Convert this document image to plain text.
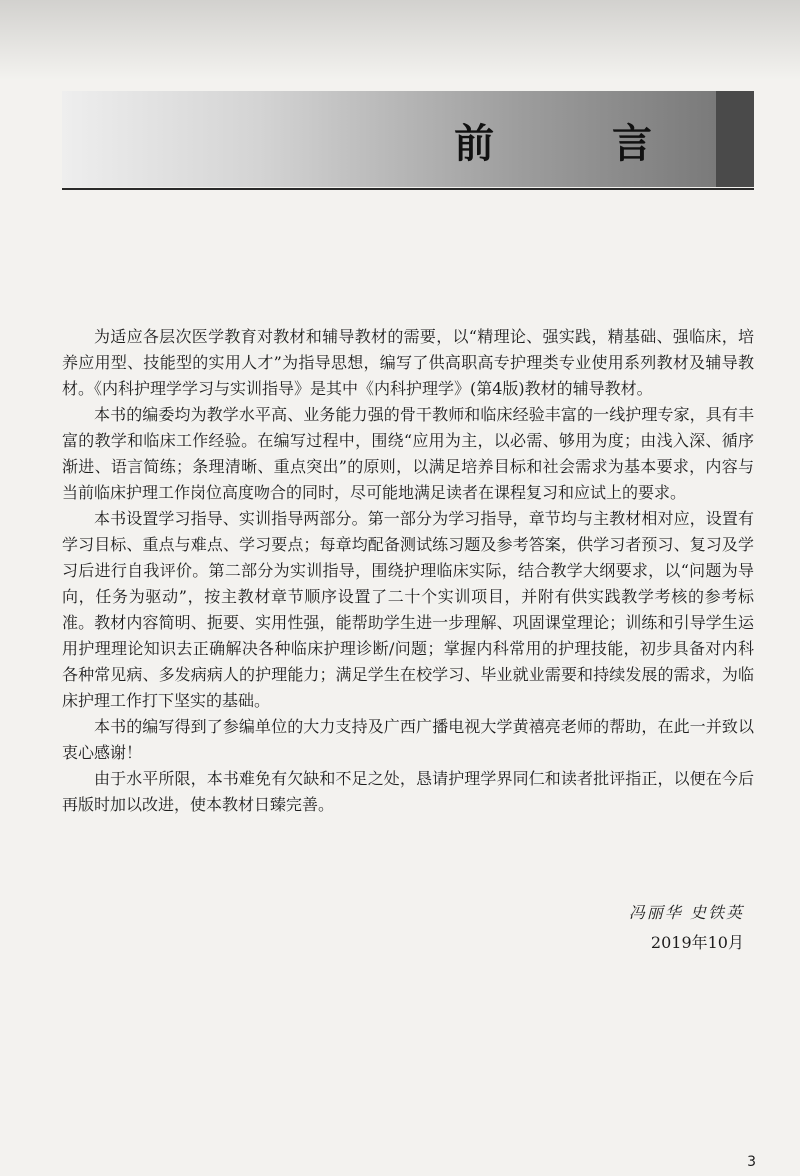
前 言

为适应各层次医学教育对教材和辅导教材的需要，以“精理论、强实践，精基础、强临床，培养应用型、技能型的实用人才”为指导思想，编写了供高职高专护理类专业使用系列教材及辅导教材。《内科护理学学习与实训指导》是其中《内科护理学》(第4版)教材的辅导教材。

本书的编委均为教学水平高、业务能力强的骨干教师和临床经验丰富的一线护理专家，具有丰富的教学和临床工作经验。在编写过程中，围绕“应用为主，以必需、够用为度；由浅入深、循序渐进、语言简练；条理清晰、重点突出”的原则，以满足培养目标和社会需求为基本要求，内容与当前临床护理工作岗位高度吻合的同时，尽可能地满足读者在课程复习和应试上的要求。

本书设置学习指导、实训指导两部分。第一部分为学习指导，章节均与主教材相对应，设置有学习目标、重点与难点、学习要点；每章均配备测试练习题及参考答案，供学习者预习、复习及学习后进行自我评价。第二部分为实训指导，围绕护理临床实际，结合教学大纲要求，以“问题为导向，任务为驱动”，按主教材章节顺序设置了二十个实训项目，并附有供实践教学考核的参考标准。教材内容简明、扼要、实用性强，能帮助学生进一步理解、巩固课堂理论；训练和引导学生运用护理理论知识去正确解决各种临床护理诊断/问题；掌握内科常用的护理技能，初步具备对内科各种常见病、多发病病人的护理能力；满足学生在校学习、毕业就业需要和持续发展的需求，为临床护理工作打下坚实的基础。

本书的编写得到了参编单位的大力支持及广西广播电视大学黄禧亮老师的帮助，在此一并致以衷心感谢！

由于水平所限，本书难免有欠缺和不足之处，恳请护理学界同仁和读者批评指正，以便在今后再版时加以改进，使本教材日臻完善。

冯丽华 史铁英
2019年10月
3
